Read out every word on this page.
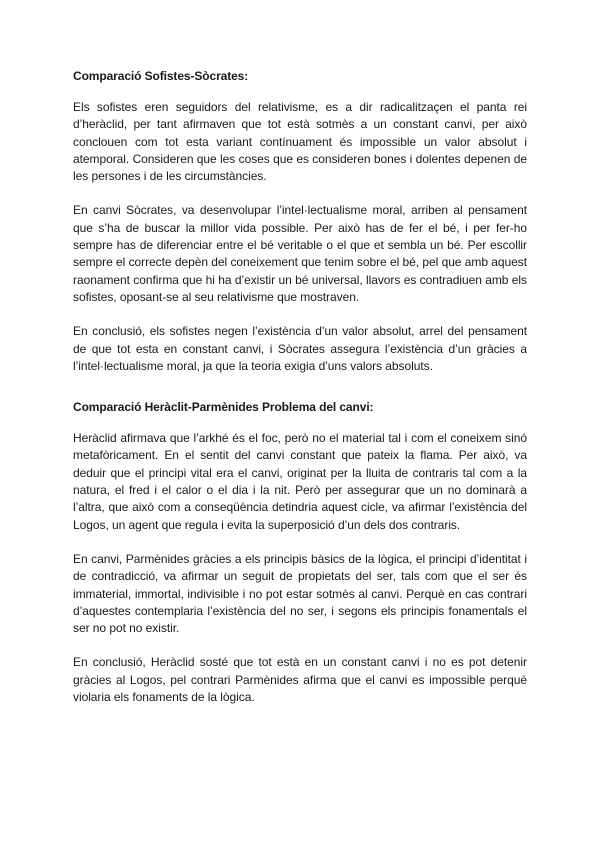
Comparació Sofistes-Sòcrates:

Els sofistes eren seguidors del relativisme, es a dir radicalitzaçen el panta rei d’heràclid, per tant afirmaven que tot està sotmès a un constant canvi, per això conclouen com tot esta variant contínuament és impossible un valor absolut i atemporal. Consideren que les coses que es consideren bones i dolentes depenen de les persones i de les circumstàncies.

En canvi Sòcrates, va desenvolupar l’intel·lectualisme moral, arriben al pensament que s’ha de buscar la millor vida possible. Per això has de fer el bé, i per fer-ho sempre has de diferenciar entre el bé veritable o el que et sembla un bé. Per escollir sempre el correcte depèn del coneixement que tenim sobre el bé, pel que amb aquest raonament confirma que hi ha d’existir un bé universal, llavors es contradiuen amb els sofistes, oposant-se al seu relativisme que mostraven.

En conclusió, els sofistes negen l’existència d’un valor absolut, arrel del pensament de que tot esta en constant canvi, i Sòcrates assegura l’existència d’un gràcies a l’intel·lectualisme moral, ja que la teoria exigia d’uns valors absoluts.

Comparació Heràclit-Parmènides Problema del canvi:

Heràclid afirmava que l’arkhé és el foc, però no el material tal i com el coneixem sinó metafòricament. En el sentit del canvi constant que pateix la flama. Per això, va deduir que el principi vital era el canvi, originat per la lluita de contraris tal com a la natura, el fred i el calor o el dia i la nit. Però per assegurar que un no dominarà a l’altra, que això com a conseqüència detindria aquest cicle, va afirmar l’existència del Logos, un agent que regula i evita la superposició d’un dels dos contraris.

En canvi, Parmènides gràcies a els principis bàsics de la lògica, el principi d’identitat i de contradicció, va afirmar un seguit de propietats del ser, tals com que el ser és immaterial, immortal, indivisible i no pot estar sotmès al canvi. Perquè en cas contrari d’aquestes contemplaria l’existència del no ser, i segons els principis fonamentals el ser no pot no existir.

En conclusió, Heràclid sosté que tot està en un constant canvi i no es pot detenir gràcies al Logos, pel contrari Parmènides afirma que el canvi es impossible perquè violaria els fonaments de la lògica.
